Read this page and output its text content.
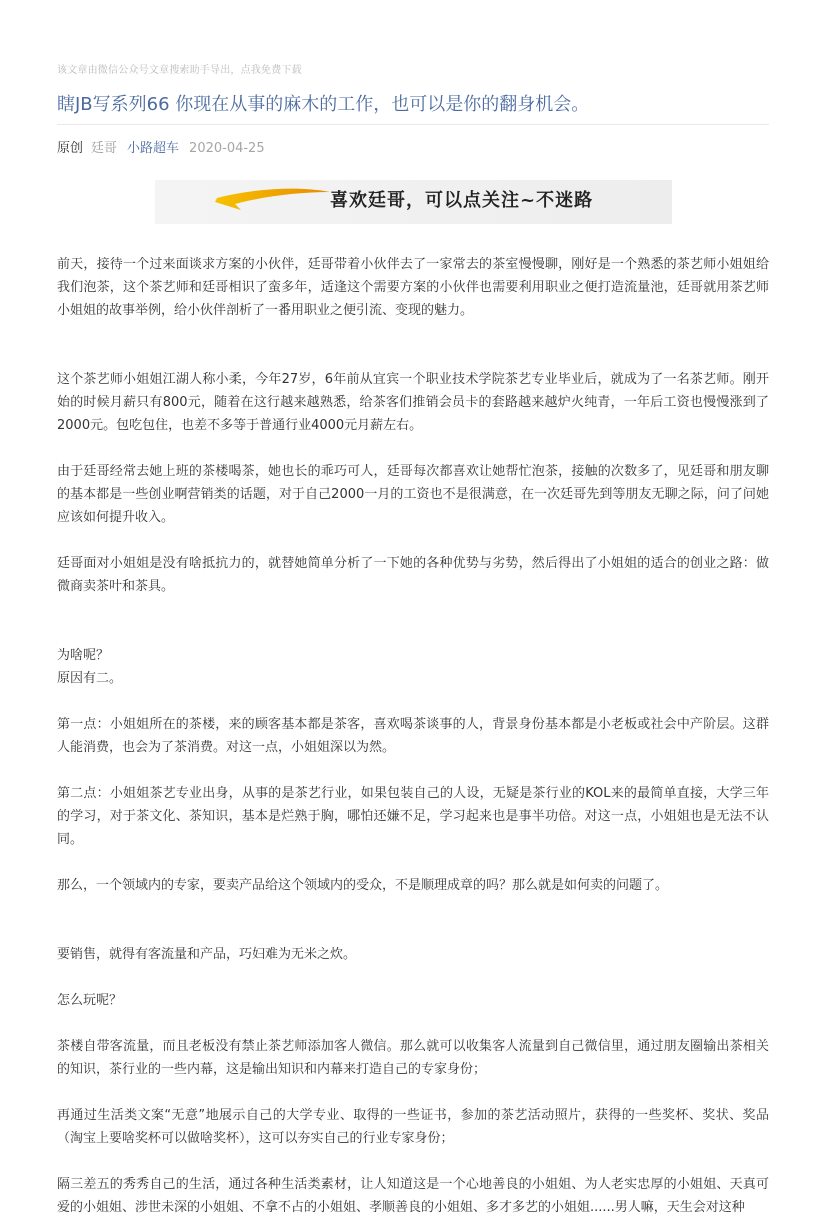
该文章由微信公众号文章搜索助手导出，点我免费下载
瞎JB写系列66 你现在从事的麻木的工作，也可以是你的翻身机会。
原创 廷哥 小路超车 2020-04-25
喜欢廷哥，可以点关注~不迷路

前天，接待一个过来面谈求方案的小伙伴，廷哥带着小伙伴去了一家常去的茶室慢慢聊，刚好是一个熟悉的茶艺师小姐姐给我们泡茶，这个茶艺师和廷哥相识了蛮多年，适逢这个需要方案的小伙伴也需要利用职业之便打造流量池，廷哥就用茶艺师小姐姐的故事举例，给小伙伴剖析了一番用职业之便引流、变现的魅力。

这个茶艺师小姐姐江湖人称小柔，今年27岁，6年前从宜宾一个职业技术学院茶艺专业毕业后，就成为了一名茶艺师。刚开始的时候月薪只有800元，随着在这行越来越熟悉，给茶客们推销会员卡的套路越来越炉火纯青，一年后工资也慢慢涨到了2000元。包吃包住，也差不多等于普通行业4000元月薪左右。

由于廷哥经常去她上班的茶楼喝茶，她也长的乖巧可人，廷哥每次都喜欢让她帮忙泡茶，接触的次数多了，见廷哥和朋友聊的基本都是一些创业啊营销类的话题，对于自己2000一月的工资也不是很满意，在一次廷哥先到等朋友无聊之际，问了问她应该如何提升收入。

廷哥面对小姐姐是没有啥抵抗力的，就替她简单分析了一下她的各种优势与劣势，然后得出了小姐姐的适合的创业之路：做微商卖茶叶和茶具。

为啥呢？

原因有二。

第一点：小姐姐所在的茶楼，来的顾客基本都是茶客，喜欢喝茶谈事的人，背景身份基本都是小老板或社会中产阶层。这群人能消费，也会为了茶消费。对这一点，小姐姐深以为然。

第二点：小姐姐茶艺专业出身，从事的是茶艺行业，如果包装自己的人设，无疑是茶行业的KOL来的最简单直接，大学三年的学习，对于茶文化、茶知识，基本是烂熟于胸，哪怕还嫌不足，学习起来也是事半功倍。对这一点，小姐姐也是无法不认同。

那么，一个领域内的专家，要卖产品给这个领域内的受众，不是顺理成章的吗？那么就是如何卖的问题了。

要销售，就得有客流量和产品，巧妇难为无米之炊。

怎么玩呢？

茶楼自带客流量，而且老板没有禁止茶艺师添加客人微信。那么就可以收集客人流量到自己微信里，通过朋友圈输出茶相关的知识，茶行业的一些内幕，这是输出知识和内幕来打造自己的专家身份；

再通过生活类文案“无意”地展示自己的大学专业、取得的一些证书，参加的茶艺活动照片，获得的一些奖杯、奖状、奖品（淘宝上要啥奖杯可以做啥奖杯），这可以夯实自己的行业专家身份；

隔三差五的秀秀自己的生活，通过各种生活类素材，让人知道这是一个心地善良的小姐姐、为人老实忠厚的小姐姐、天真可爱的小姐姐、涉世未深的小姐姐、不拿不占的小姐姐、孝顺善良的小姐姐、多才多艺的小姐姐......男人嘛，天生会对这种
